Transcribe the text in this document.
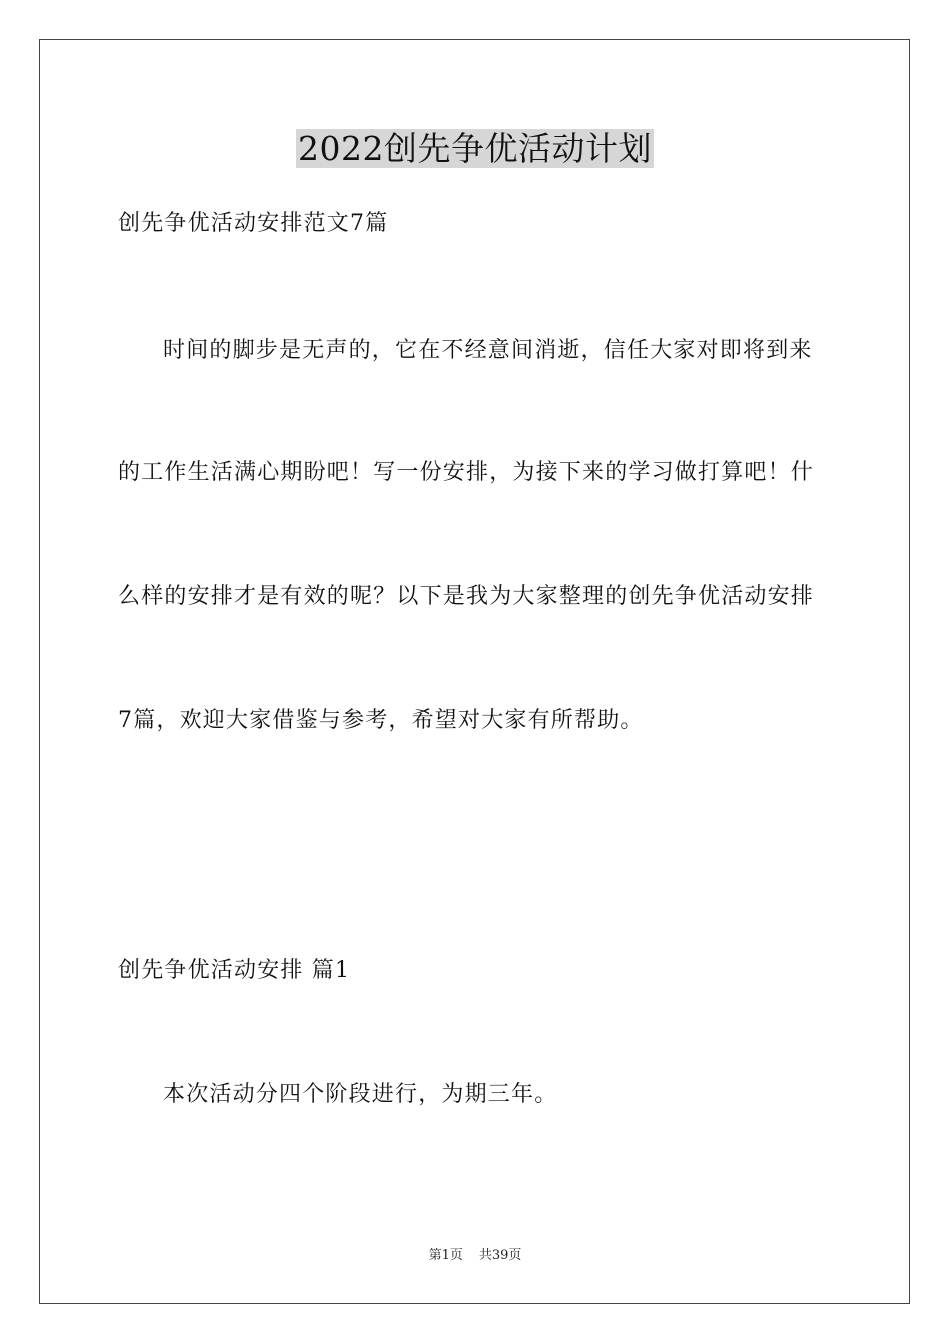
2022创先争优活动计划
创先争优活动安排范文7篇
时间的脚步是无声的，它在不经意间消逝，信任大家对即将到来
的工作生活满心期盼吧！写一份安排，为接下来的学习做打算吧！什
么样的安排才是有效的呢？以下是我为大家整理的创先争优活动安排
7篇，欢迎大家借鉴与参考，希望对大家有所帮助。
创先争优活动安排 篇1
本次活动分四个阶段进行，为期三年。
第1页 共39页
